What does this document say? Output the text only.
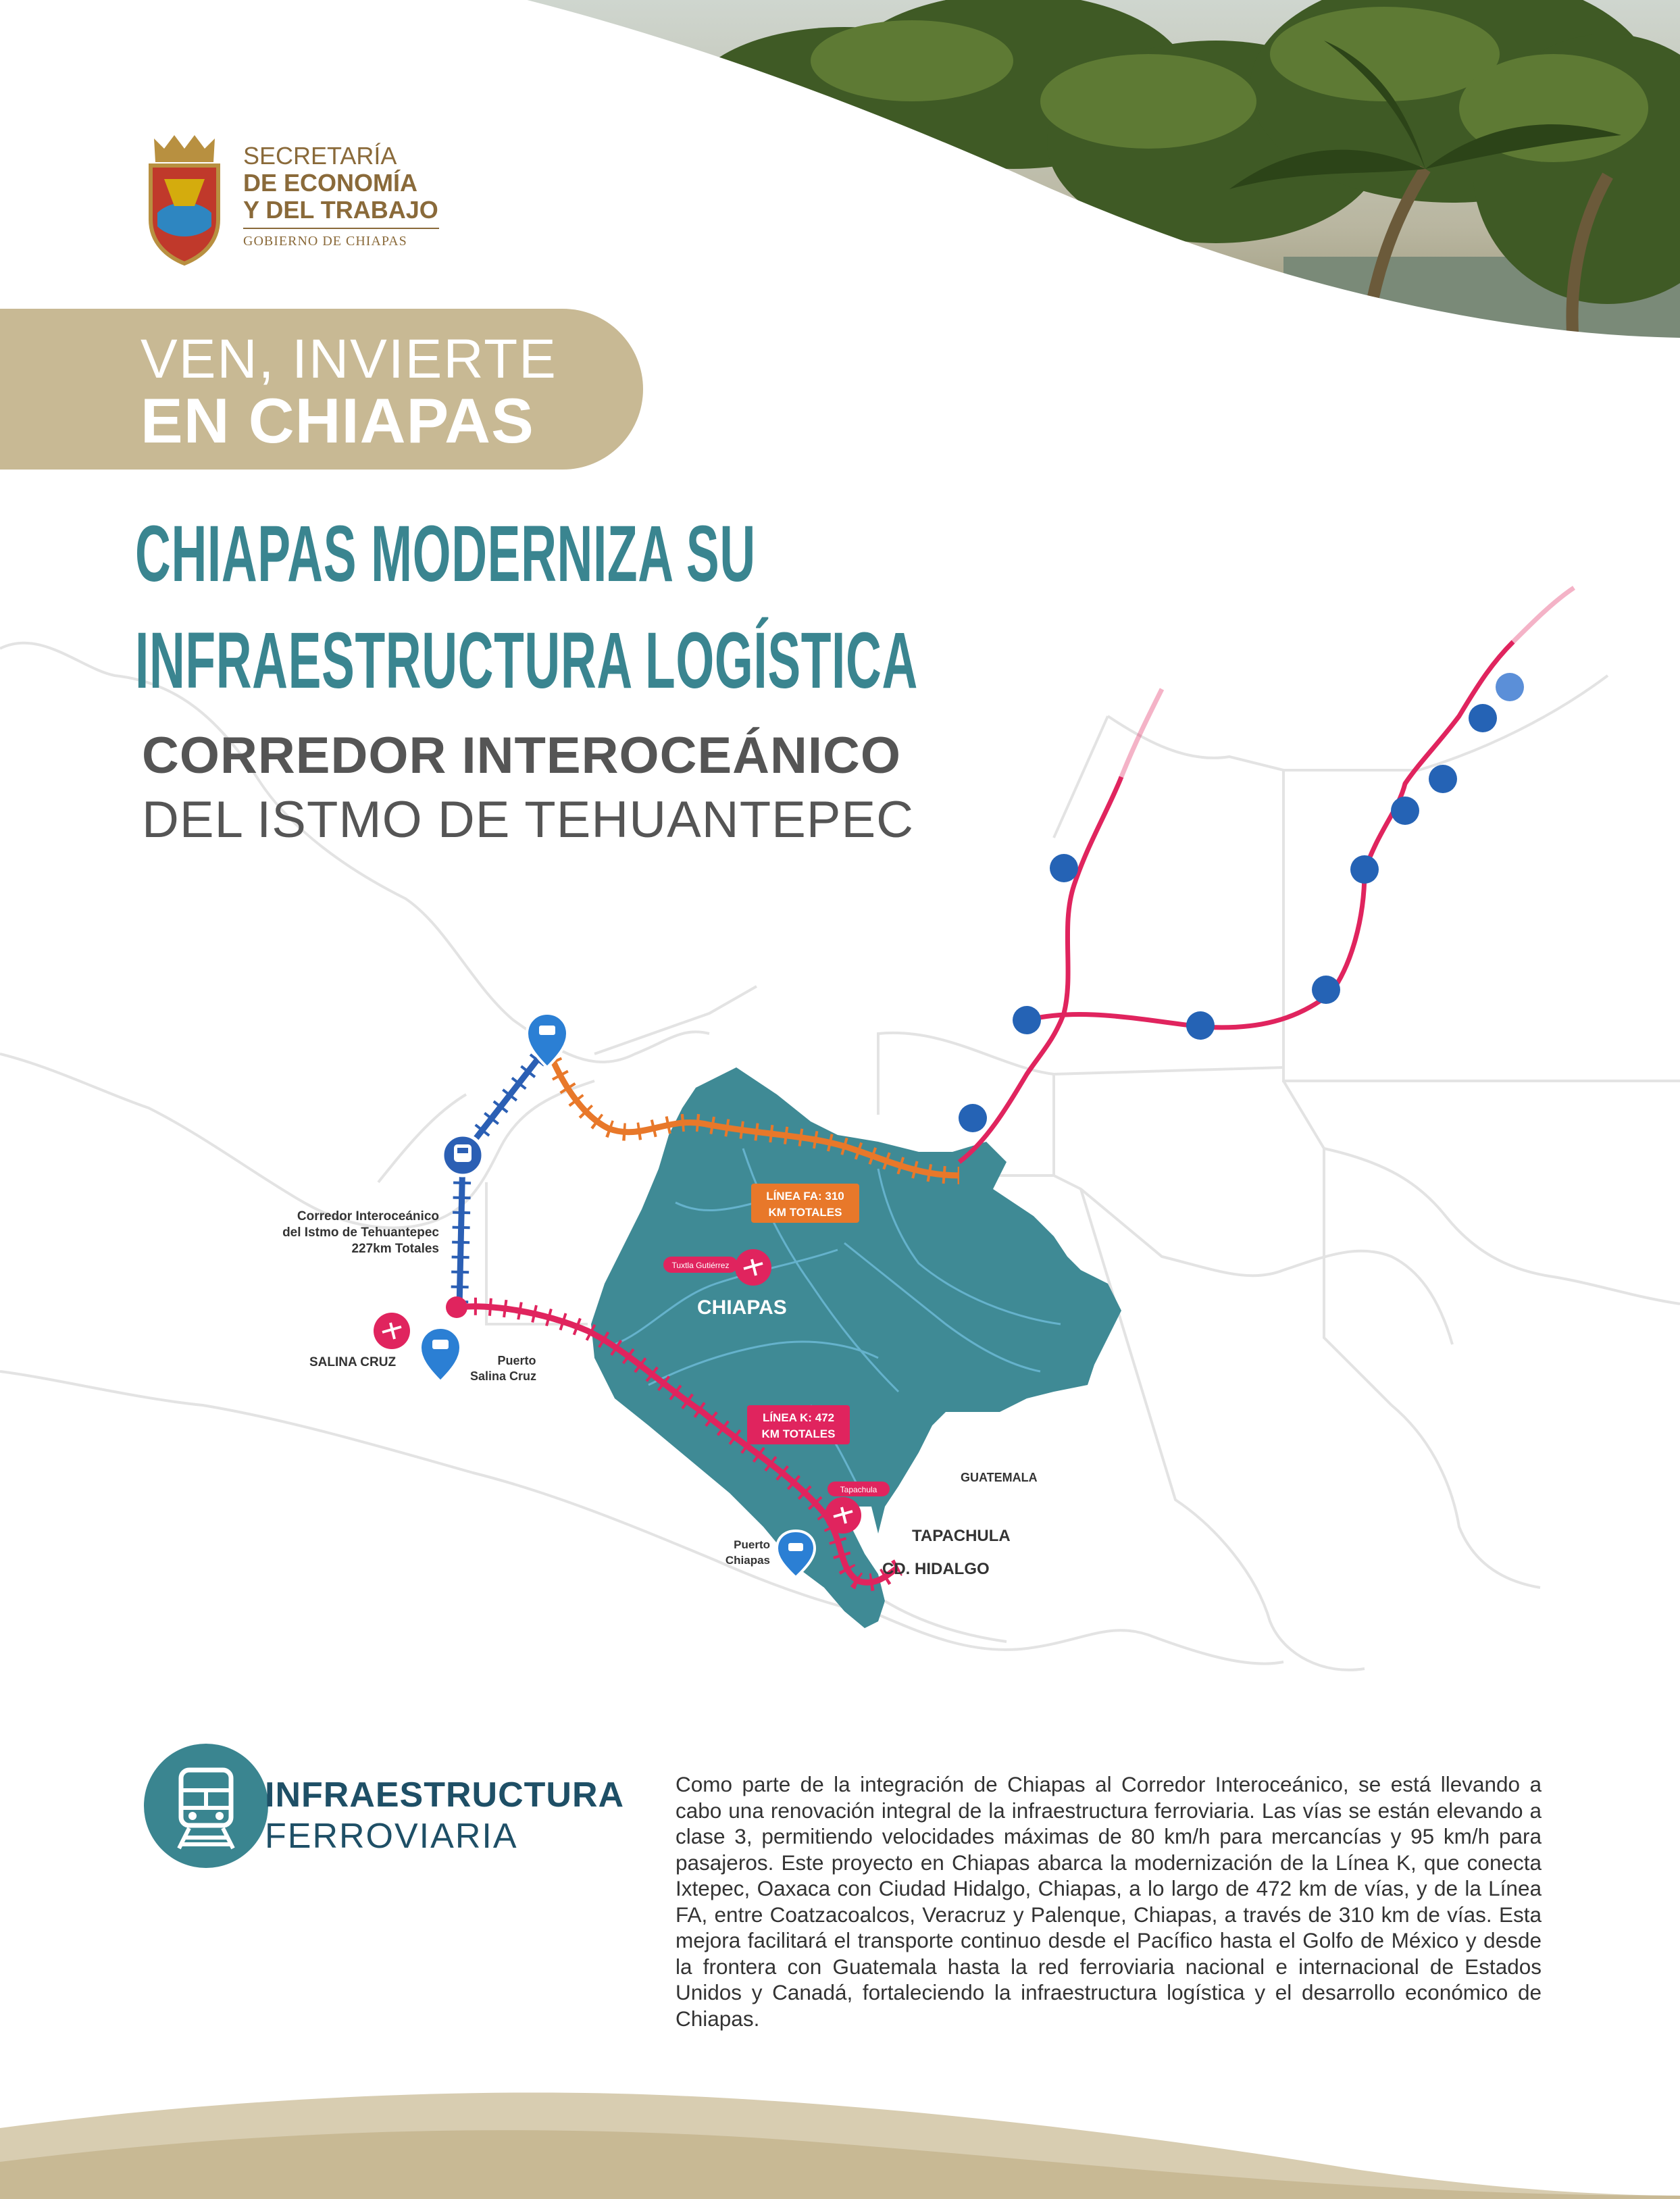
SECRETARÍA
DE ECONOMÍA
Y DEL TRABAJO
GOBIERNO DE CHIAPAS
VEN, INVIERTE
EN CHIAPAS
LÍNEA FA: 310
KM TOTALES
LÍNEA K: 472
KM TOTALES
Tuxtla Gutiérrez
Tapachula
Corredor Interoceánico
del Istmo de Tehuantepec
227km Totales
CHIAPAS
SALINA CRUZ	Puerto
Salina Cruz
GUATEMALA
TAPACHULA
CD. HIDALGO
Puerto
Chiapas
CHIAPAS MODERNIZA SU
INFRAESTRUCTURA LOGÍSTICA
CORREDOR INTEROCEÁNICO
DEL ISTMO DE TEHUANTEPEC
INFRAESTRUCTURA
FERROVIARIA
Como parte de la integración de Chiapas al Corredor Interoceánico, se está llevando a cabo una renovación integral de la infraestructura ferroviaria. Las vías se están elevando a clase 3, permitiendo velocidades máximas de 80 km/h para mercancías y 95 km/h para pasajeros. Este proyecto en Chiapas abarca la modernización de la Línea K, que conecta Ixtepec, Oaxaca con Ciudad Hidalgo, Chiapas, a lo largo de 472 km de vías, y de la Línea FA, entre Coatzacoalcos, Veracruz y Palenque, Chiapas, a través de 310 km de vías. Esta mejora facilitará el transporte continuo desde el Pacífico hasta el Golfo de México y desde la frontera con Guatemala hasta la red ferroviaria nacional e internacional de Estados Unidos y Canadá, fortaleciendo la infraestructura logística y el desarrollo económico de Chiapas.
